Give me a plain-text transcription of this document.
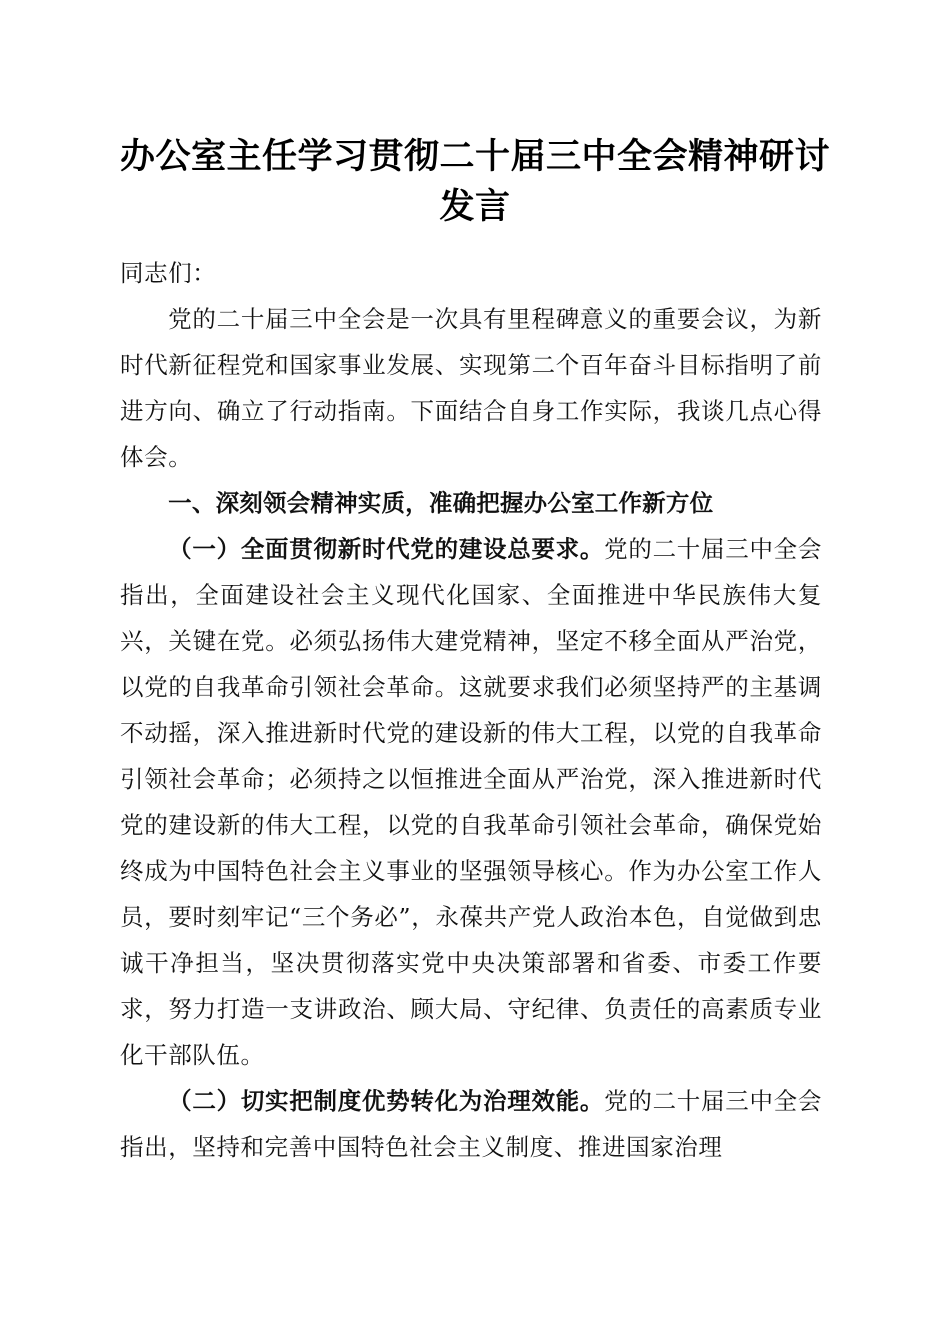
办公室主任学习贯彻二十届三中全会精神研讨发言

同志们：

党的二十届三中全会是一次具有里程碑意义的重要会议，为新时代新征程党和国家事业发展、实现第二个百年奋斗目标指明了前进方向、确立了行动指南。下面结合自身工作实际，我谈几点心得体会。

一、深刻领会精神实质，准确把握办公室工作新方位

（一）全面贯彻新时代党的建设总要求。党的二十届三中全会指出，全面建设社会主义现代化国家、全面推进中华民族伟大复兴，关键在党。必须弘扬伟大建党精神，坚定不移全面从严治党，以党的自我革命引领社会革命。这就要求我们必须坚持严的主基调不动摇，深入推进新时代党的建设新的伟大工程，以党的自我革命引领社会革命；必须持之以恒推进全面从严治党，深入推进新时代党的建设新的伟大工程，以党的自我革命引领社会革命，确保党始终成为中国特色社会主义事业的坚强领导核心。作为办公室工作人员，要时刻牢记“三个务必”，永葆共产党人政治本色，自觉做到忠诚干净担当，坚决贯彻落实党中央决策部署和省委、市委工作要求，努力打造一支讲政治、顾大局、守纪律、负责任的高素质专业化干部队伍。

（二）切实把制度优势转化为治理效能。党的二十届三中全会指出，坚持和完善中国特色社会主义制度、推进国家治理
